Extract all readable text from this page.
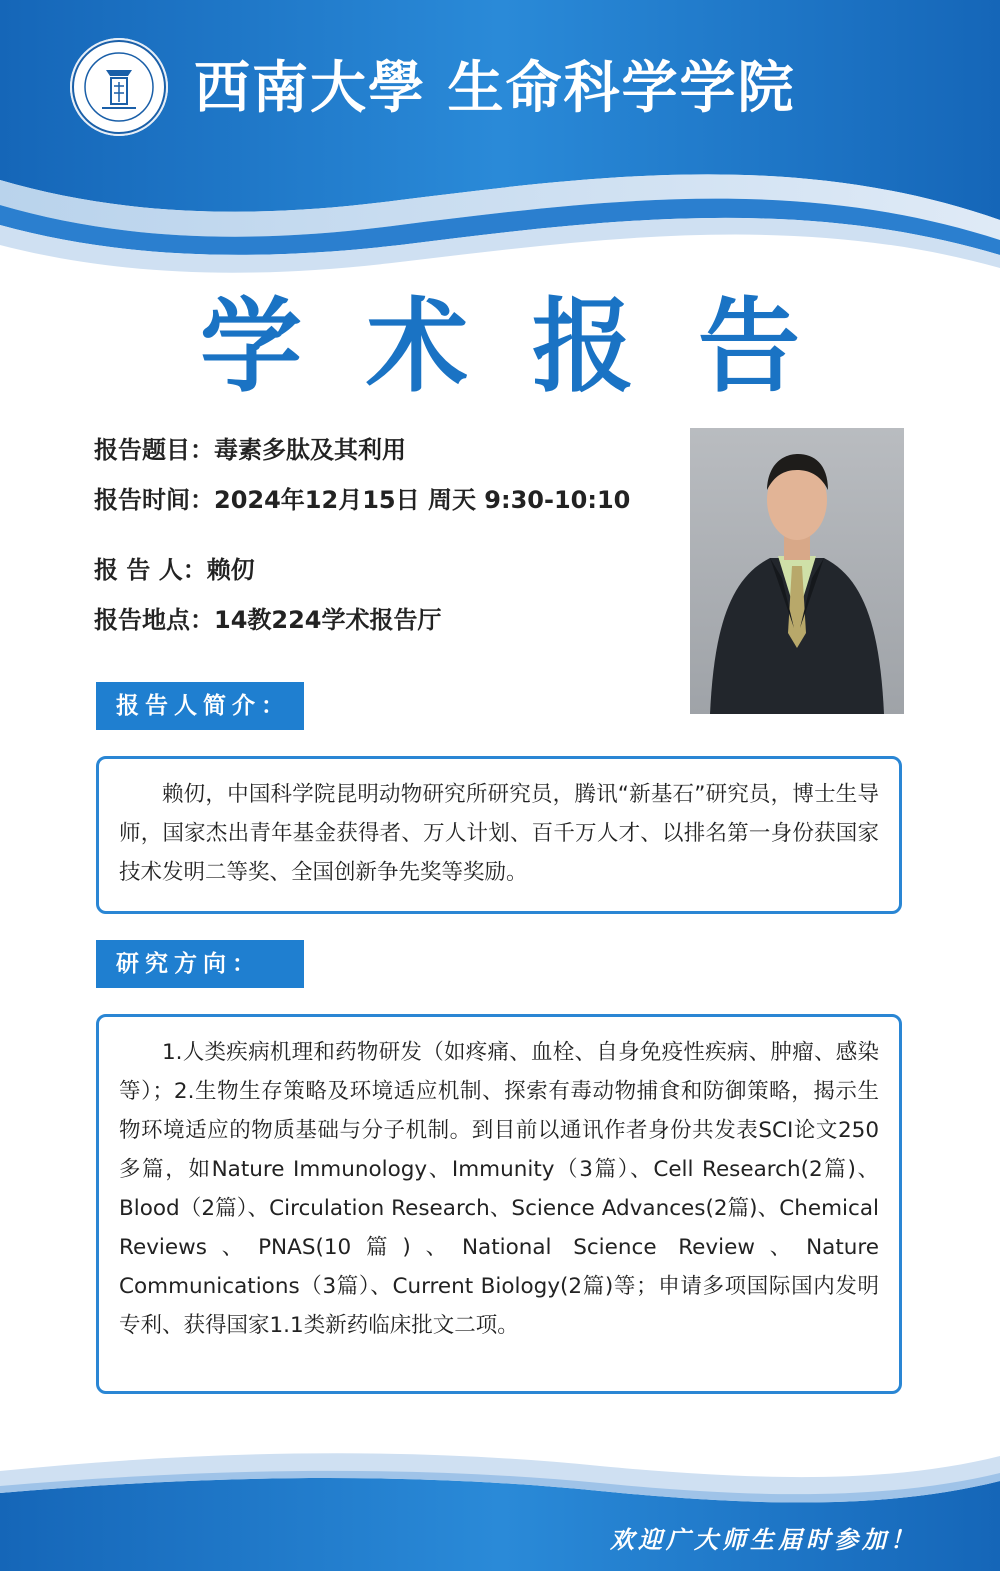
西南大學 生命科学学院
学术报告
报告题目：毒素多肽及其利用
报告时间：2024年12月15日 周天 9:30-10:10
报 告 人：赖仞
报告地点：14教224学术报告厅
报告人简介：

赖仞，中国科学院昆明动物研究所研究员，腾讯“新基石”研究员，博士生导师，国家杰出青年基金获得者、万人计划、百千万人才、以排名第一身份获国家技术发明二等奖、全国创新争先奖等奖励。

研究方向：

1.人类疾病机理和药物研发（如疼痛、血栓、自身免疫性疾病、肿瘤、感染等）；2.生物生存策略及环境适应机制、探索有毒动物捕食和防御策略，揭示生物环境适应的物质基础与分子机制。到目前以通讯作者身份共发表SCI论文250多篇，如Nature Immunology、Immunity（3篇）、Cell Research(2篇)、Blood（2篇）、Circulation Research、Science Advances(2篇)、Chemical Reviews、PNAS(10篇)、National Science Review、Nature Communications（3篇）、Current Biology(2篇)等；申请多项国际国内发明专利、获得国家1.1类新药临床批文二项。

欢迎广大师生届时参加！
